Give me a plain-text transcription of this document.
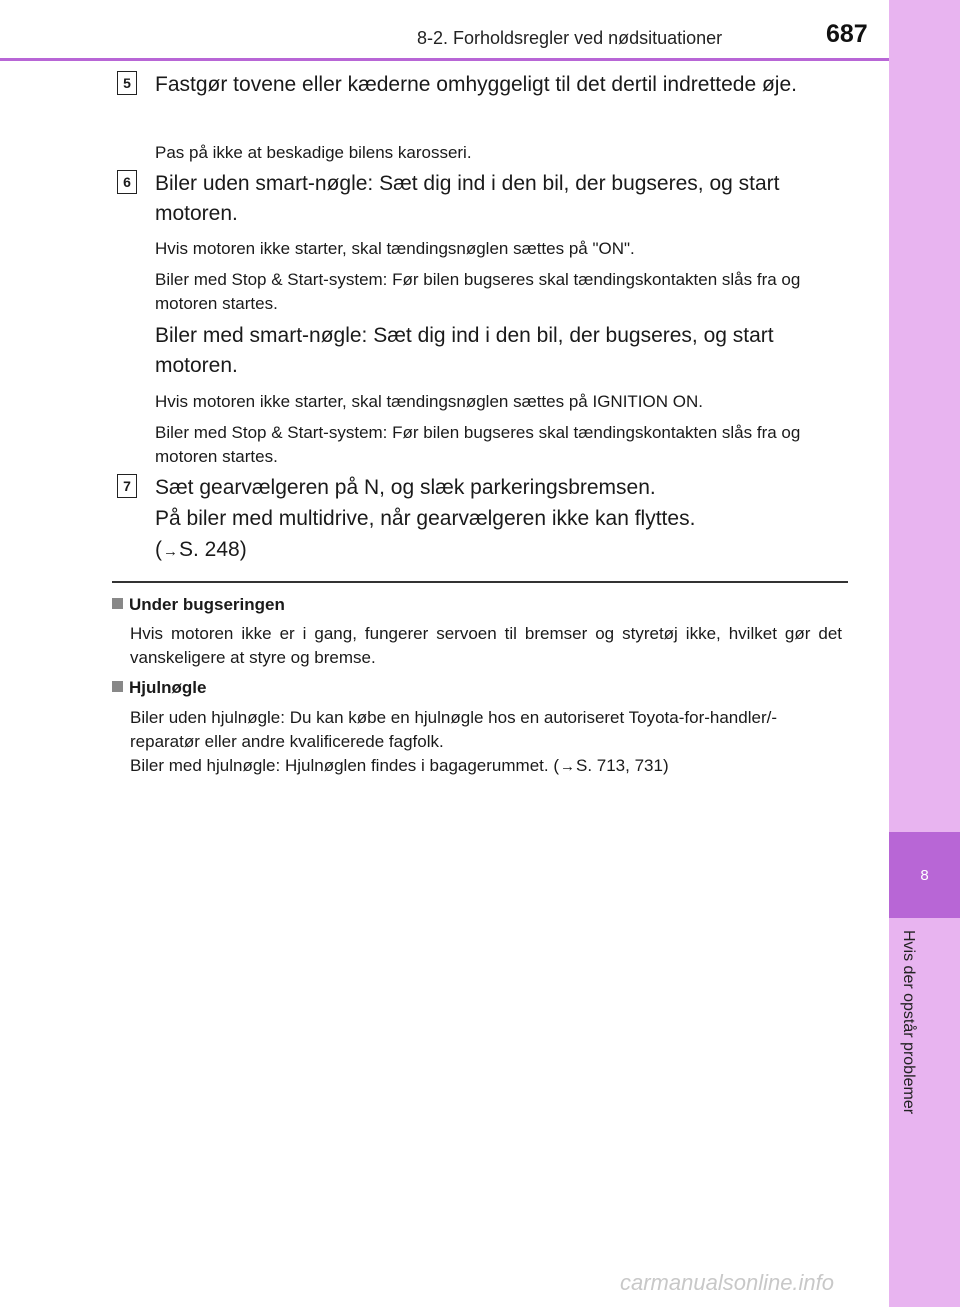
8-2. Forholdsregler ved nødsituationer	687
8
Hvis der opstår problemer
5 Fastgør tovene eller kæderne omhyggeligt til det dertil indrettede øje.
Pas på ikke at beskadige bilens karosseri.
6 Biler uden smart-nøgle: Sæt dig ind i den bil, der bugseres, og start motoren.
Hvis motoren ikke starter, skal tændingsnøglen sættes på "ON".
Biler med Stop & Start-system: Før bilen bugseres skal tændingskontakten slås fra og motoren startes.
Biler med smart-nøgle: Sæt dig ind i den bil, der bugseres, og start motoren.
Hvis motoren ikke starter, skal tændingsnøglen sættes på IGNITION ON.
Biler med Stop & Start-system: Før bilen bugseres skal tændingskontakten slås fra og motoren startes.
7 Sæt gearvælgeren på N, og slæk parkeringsbremsen.
På biler med multidrive, når gearvælgeren ikke kan flyttes.
(→S. 248)
Under bugseringen
Hvis motoren ikke er i gang, fungerer servoen til bremser og styretøj ikke, hvilket gør det vanskeligere at styre og bremse.
Hjulnøgle
Biler uden hjulnøgle: Du kan købe en hjulnøgle hos en autoriseret Toyota-for-handler/-reparatør eller andre kvalificerede fagfolk.
Biler med hjulnøgle: Hjulnøglen findes i bagagerummet. (→S. 713, 731)
carmanualsonline.info
